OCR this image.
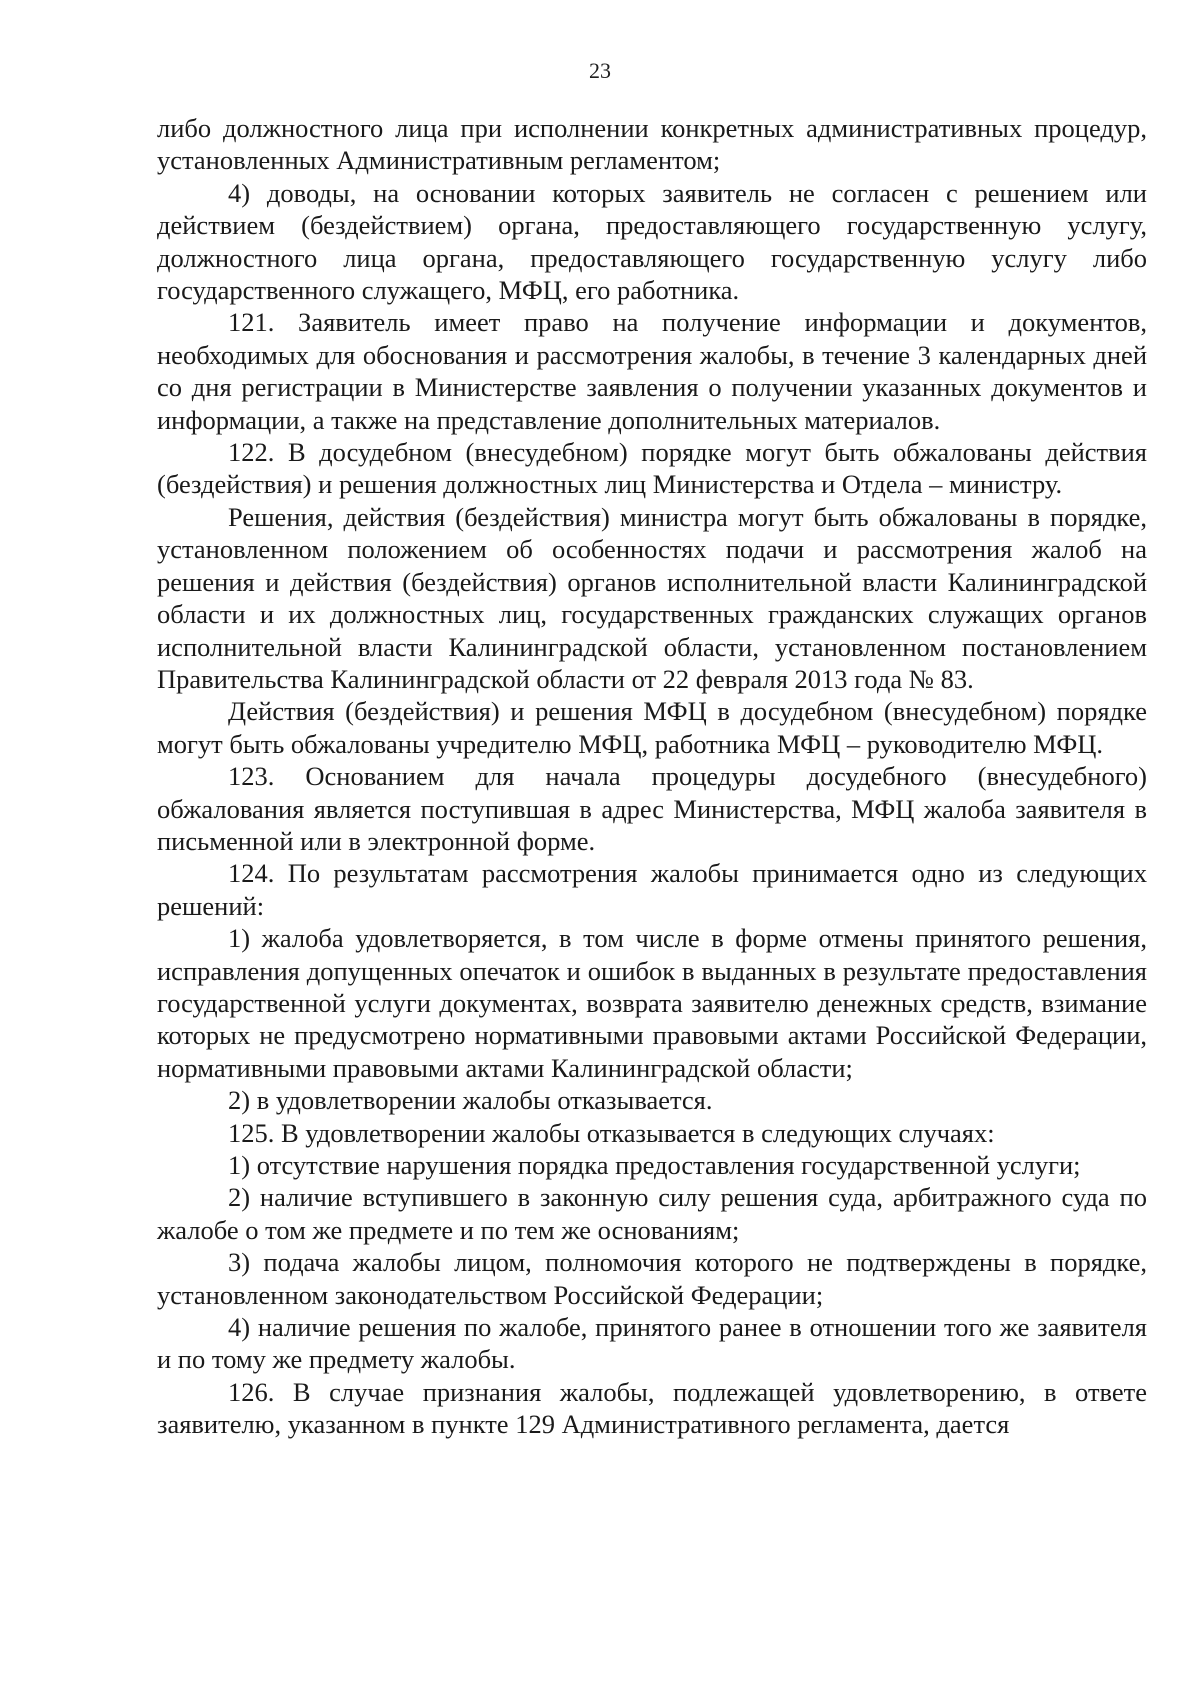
23

либо должностного лица при исполнении конкретных административных процедур, установленных Административным регламентом;

4) доводы, на основании которых заявитель не согласен с решением или действием (бездействием) органа, предоставляющего государственную услугу, должностного лица органа, предоставляющего государственную услугу либо государственного служащего, МФЦ, его работника.

121. Заявитель имеет право на получение информации и документов, необходимых для обоснования и рассмотрения жалобы, в течение 3 календарных дней со дня регистрации в Министерстве заявления о получении указанных документов и информации, а также на представление дополнительных материалов.

122. В досудебном (внесудебном) порядке могут быть обжалованы действия (бездействия) и решения должностных лиц Министерства и Отдела – министру.

Решения, действия (бездействия) министра могут быть обжалованы в порядке, установленном положением об особенностях подачи и рассмотрения жалоб на решения и действия (бездействия) органов исполнительной власти Калининградской области и их должностных лиц, государственных гражданских служащих органов исполнительной власти Калининградской области, установленном постановлением Правительства Калининградской области от 22 февраля 2013 года № 83.

Действия (бездействия) и решения МФЦ в досудебном (внесудебном) порядке могут быть обжалованы учредителю МФЦ, работника МФЦ – руководителю МФЦ.

123. Основанием для начала процедуры досудебного (внесудебного) обжалования является поступившая в адрес Министерства, МФЦ жалоба заявителя в письменной или в электронной форме.

124. По результатам рассмотрения жалобы принимается одно из следующих решений:

1) жалоба удовлетворяется, в том числе в форме отмены принятого решения, исправления допущенных опечаток и ошибок в выданных в результате предоставления государственной услуги документах, возврата заявителю денежных средств, взимание которых не предусмотрено нормативными правовыми актами Российской Федерации, нормативными правовыми актами Калининградской области;

2) в удовлетворении жалобы отказывается.

125. В удовлетворении жалобы отказывается в следующих случаях:

1) отсутствие нарушения порядка предоставления государственной услуги;

2) наличие вступившего в законную силу решения суда, арбитражного суда по жалобе о том же предмете и по тем же основаниям;

3) подача жалобы лицом, полномочия которого не подтверждены в порядке, установленном законодательством Российской Федерации;

4) наличие решения по жалобе, принятого ранее в отношении того же заявителя и по тому же предмету жалобы.

126. В случае признания жалобы, подлежащей удовлетворению, в ответе заявителю, указанном в пункте 129 Административного регламента, дается
